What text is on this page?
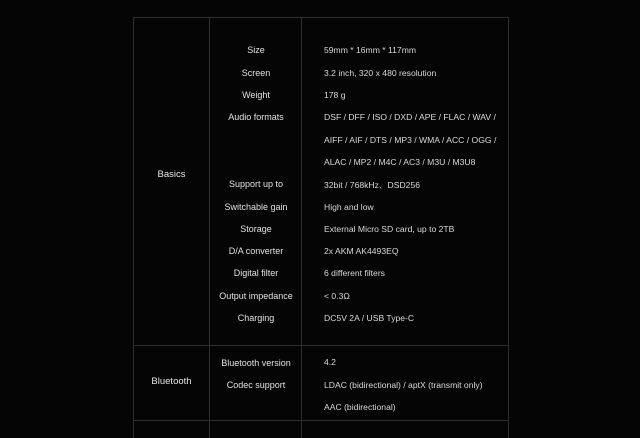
Basics
Size	59mm * 16mm * 117mm
Screen	3.2 inch, 320 x 480 resolution
Weight	178 g
Audio formats	DSF / DFF / ISO / DXD / APE / FLAC / WAV /
AIFF / AIF / DTS / MP3 / WMA / ACC / OGG /
ALAC / MP2 / M4C / AC3 / M3U / M3U8
Support up to	32bit / 768kHz、DSD256
Switchable gain	High and low
Storage	External Micro SD card, up to 2TB
D/A converter	2x AKM AK4493EQ
Digital filter	6 different filters
Output impedance	< 0.3Ω
Charging	DC5V 2A / USB Type-C
Bluetooth
Bluetooth version	4.2
Codec support	LDAC (bidirectional) / aptX (transmit only)
AAC (bidirectional)
